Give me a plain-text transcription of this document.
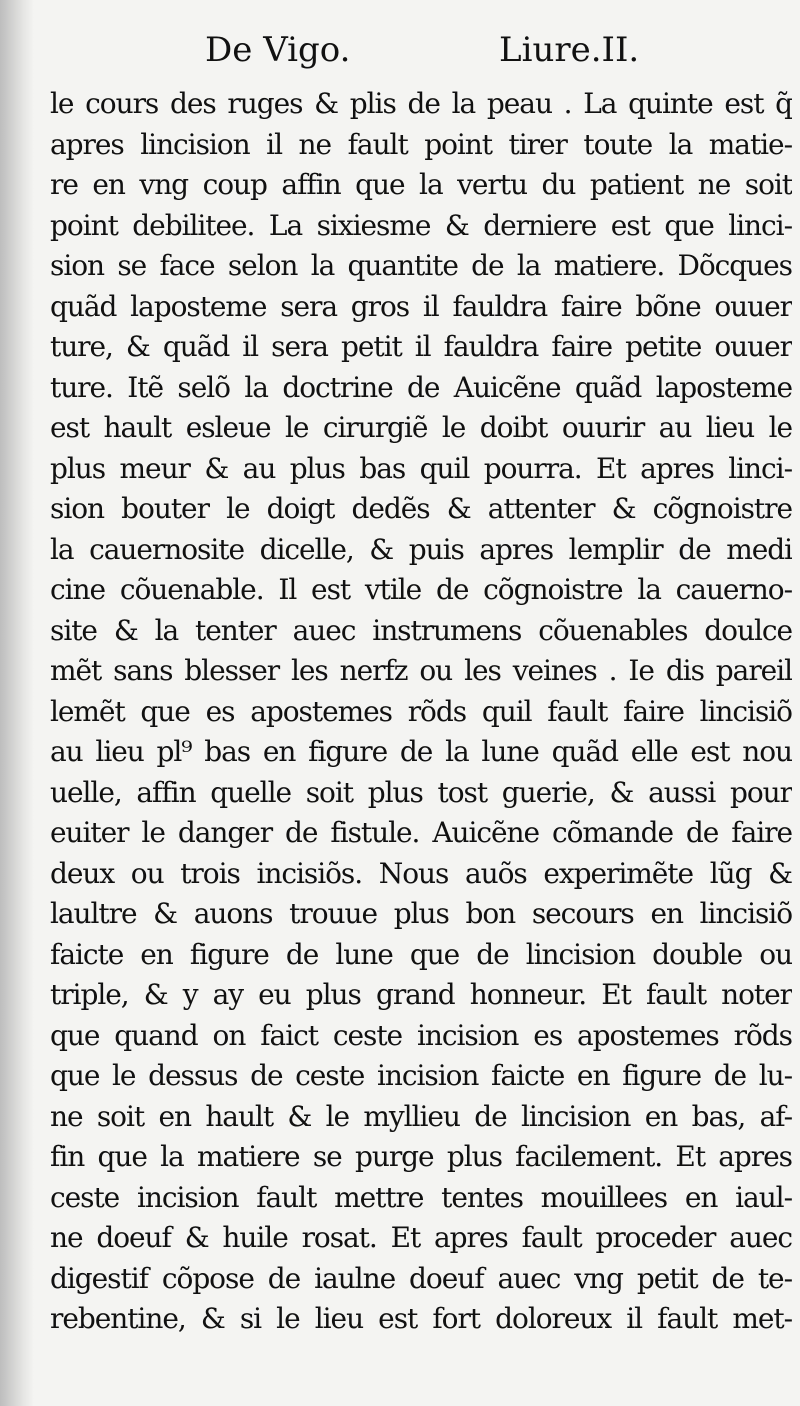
De Vigo.	Liure.II.
le cours des ruges & plis de la peau . La quinte est q̃
apres lincision il ne fault point tirer toute la matie-
re en vng coup affin que la vertu du patient ne soit
point debilitee. La sixiesme & derniere est que linci-
sion se face selon la quantite de la matiere. Dõcques
quãd laposteme sera gros il fauldra faire bõne ouuer
ture, & quãd il sera petit il fauldra faire petite ouuer
ture. Itẽ selõ la doctrine de Auicẽne quãd laposteme
est hault esleue le cirurgiẽ le doibt ouurir au lieu le
plus meur & au plus bas quil pourra. Et apres linci-
sion bouter le doigt dedẽs & attenter & cõgnoistre
la cauernosite dicelle, & puis apres lemplir de medi
cine cõuenable. Il est vtile de cõgnoistre la cauerno-
site & la tenter auec instrumens cõuenables doulce
mẽt sans blesser les nerfz ou les veines . Ie dis pareil
lemẽt que es apostemes rõds quil fault faire lincisiõ
au lieu pl⁹ bas en figure de la lune quãd elle est nou
uelle, affin quelle soit plus tost guerie, & aussi pour
euiter le danger de fistule. Auicẽne cõmande de faire
deux ou trois incisiõs. Nous auõs experimẽte lũg &
laultre & auons trouue plus bon secours en lincisiõ
faicte en figure de lune que de lincision double ou
triple, & y ay eu plus grand honneur. Et fault noter
que quand on faict ceste incision es apostemes rõds
que le dessus de ceste incision faicte en figure de lu-
ne soit en hault & le myllieu de lincision en bas, af-
fin que la matiere se purge plus facilement. Et apres
ceste incision fault mettre tentes mouillees en iaul-
ne doeuf & huile rosat. Et apres fault proceder auec
digestif cõpose de iaulne doeuf auec vng petit de te-
rebentine, & si le lieu est fort doloreux il fault met-
